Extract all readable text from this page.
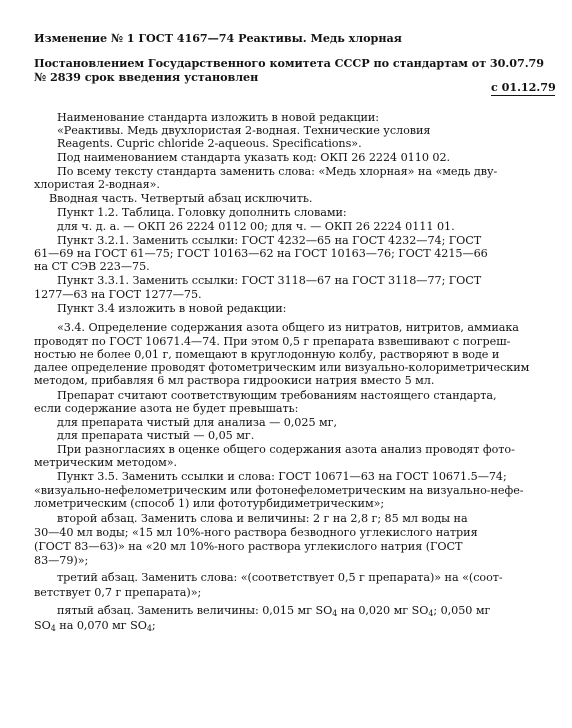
Изменение № 1 ГОСТ 4167—74 Реактивы. Медь хлорная
Постановлением Государственного комитета СССР по стандартам от 30.07.79
№ 2839 срок введения установлен
с 01.12.79
Наименование стандарта изложить в новой редакции:
«Реактивы. Медь двухлористая 2-водная. Технические условия
Reagents. Cupric chloride 2-aqueous. Specifications».
Под наименованием стандарта указать код: ОКП 26 2224 0110 02.
По всему тексту стандарта заменить слова: «Медь хлорная» на «медь дву-
хлористая 2-водная».
Вводная часть. Четвертый абзац исключить.
Пункт 1.2. Таблица. Головку дополнить словами:
для ч. д. а. — ОКП 26 2224 0112 00; для ч. — ОКП 26 2224 0111 01.
Пункт 3.2.1. Заменить ссылки: ГОСТ 4232—65 на ГОСТ 4232—74; ГОСТ
61—69 на ГОСТ 61—75; ГОСТ 10163—62 на ГОСТ 10163—76; ГОСТ 4215—66
на СТ СЭВ 223—75.
Пункт 3.3.1. Заменить ссылки: ГОСТ 3118—67 на ГОСТ 3118—77; ГОСТ
1277—63 на ГОСТ 1277—75.
Пункт 3.4 изложить в новой редакции:
«3.4. Определение содержания азота общего из нитратов, нитритов, аммиака
проводят по ГОСТ 10671.4—74. При этом 0,5 г препарата взвешивают с погреш-
ностью не более 0,01 г, помещают в круглодонную колбу, растворяют в воде и
далее определение проводят фотометрическим или визуально-колориметрическим
методом, прибавляя 6 мл раствора гидроокиси натрия вместо 5 мл.
Препарат считают соответствующим требованиям настоящего стандарта,
если содержание азота не будет превышать:
для препарата чистый для анализа — 0,025 мг,
для препарата чистый — 0,05 мг.
При разногласиях в оценке общего содержания азота анализ проводят фото-
метрическим методом».
Пункт 3.5. Заменить ссылки и слова: ГОСТ 10671—63 на ГОСТ 10671.5—74;
«визуально-нефелометрическим или фотонефелометрическим на визуально-нефе-
лометрическим (способ 1) или фототурбидиметрическим»;
второй абзац. Заменить слова и величины: 2 г на 2,8 г; 85 мл воды на
30—40 мл воды; «15 мл 10%-ного раствора безводного углекислого натрия
(ГОСТ 83—63)» на «20 мл 10%-ного раствора углекислого натрия (ГОСТ
83—79)»;
третий абзац. Заменить слова: «(соответствует 0,5 г препарата)» на «(соот-
ветствует 0,7 г препарата)»;
пятый абзац. Заменить величины: 0,015 мг $SO_4$ на 0,020 мг $SO_4$; 0,050 мг
$SO_4$ на 0,070 мг $SO_4$;
